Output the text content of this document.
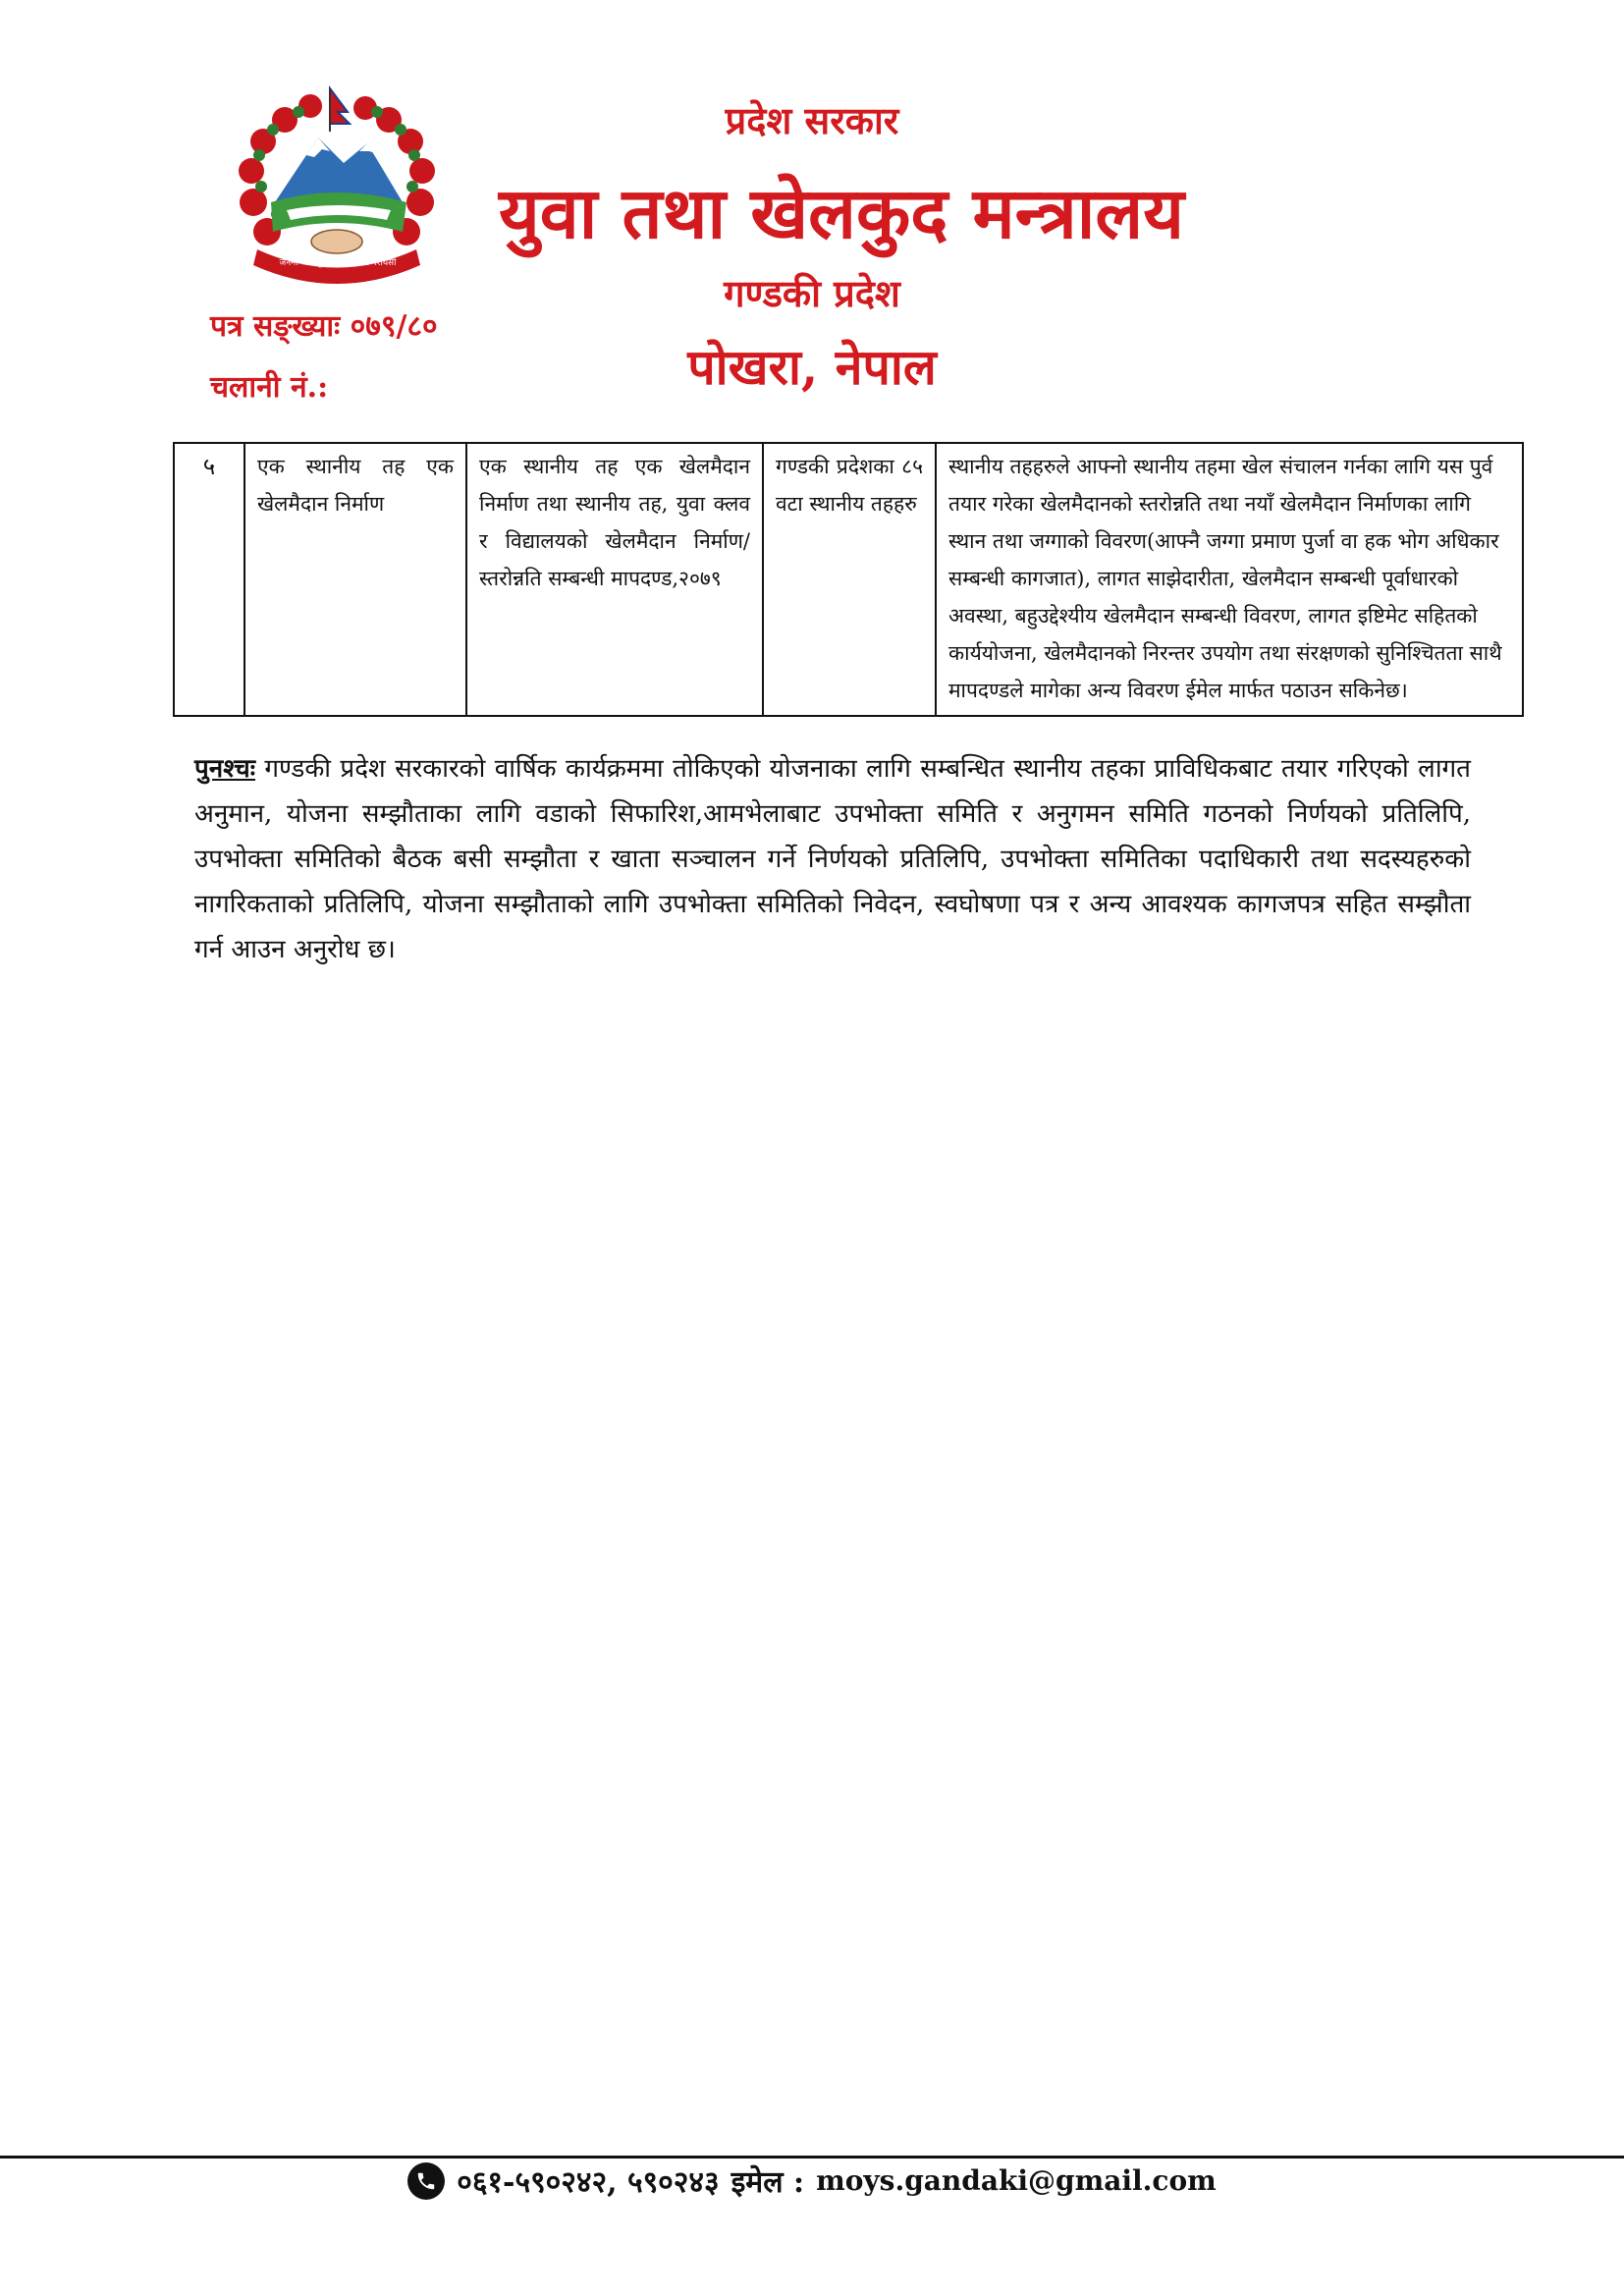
जननी जन्मभूमिश्च स्वर्गादपि गरीयसी
प्रदेश सरकार
युवा तथा खेलकुद मन्त्रालय
गण्डकी प्रदेश
पोखरा, नेपाल
पत्र सङ्ख्याः ०७९/८०
चलानी नं.:
५	एक स्थानीय तह एक खेलमैदान निर्माण	एक स्थानीय तह एक खेलमैदान निर्माण तथा स्थानीय तह, युवा क्लव र विद्यालयको खेलमैदान निर्माण/स्तरोन्नति सम्बन्धी मापदण्ड,२०७९	गण्डकी प्रदेशका ८५ वटा स्थानीय तहहरु	स्थानीय तहहरुले आफ्नो स्थानीय तहमा खेल संचालन गर्नका लागि यस पुर्व तयार गरेका खेलमैदानको स्तरोन्नति तथा नयाँ खेलमैदान निर्माणका लागि स्थान तथा जग्गाको विवरण(आफ्नै जग्गा प्रमाण पुर्जा वा हक भोग अधिकार सम्बन्धी कागजात), लागत साझेदारीता, खेलमैदान सम्बन्धी पूर्वाधारको अवस्था, बहुउद्देश्यीय खेलमैदान सम्बन्धी विवरण, लागत इष्टिमेट सहितको कार्ययोजना, खेलमैदानको निरन्तर उपयोग तथा संरक्षणको सुनिश्चितता साथै मापदण्डले मागेका अन्य विवरण ईमेल मार्फत पठाउन सकिनेछ।
पुनश्चः गण्डकी प्रदेश सरकारको वार्षिक कार्यक्रममा तोकिएको योजनाका लागि सम्बन्धित स्थानीय तहका प्राविधिकबाट तयार गरिएको लागत अनुमान, योजना सम्झौताका लागि वडाको सिफारिश,आमभेलाबाट उपभोक्ता समिति र अनुगमन समिति गठनको निर्णयको प्रतिलिपि, उपभोक्ता समितिको बैठक बसी सम्झौता र खाता सञ्चालन गर्ने निर्णयको प्रतिलिपि, उपभोक्ता समितिका पदाधिकारी तथा सदस्यहरुको नागरिकताको प्रतिलिपि, योजना सम्झौताको लागि उपभोक्ता समितिको निवेदन, स्वघोषणा पत्र र अन्य आवश्यक कागजपत्र सहित सम्झौता गर्न आउन अनुरोध छ।
०६१-५९०२४२, ५९०२४३ इमेल : moys.gandaki@gmail.com
